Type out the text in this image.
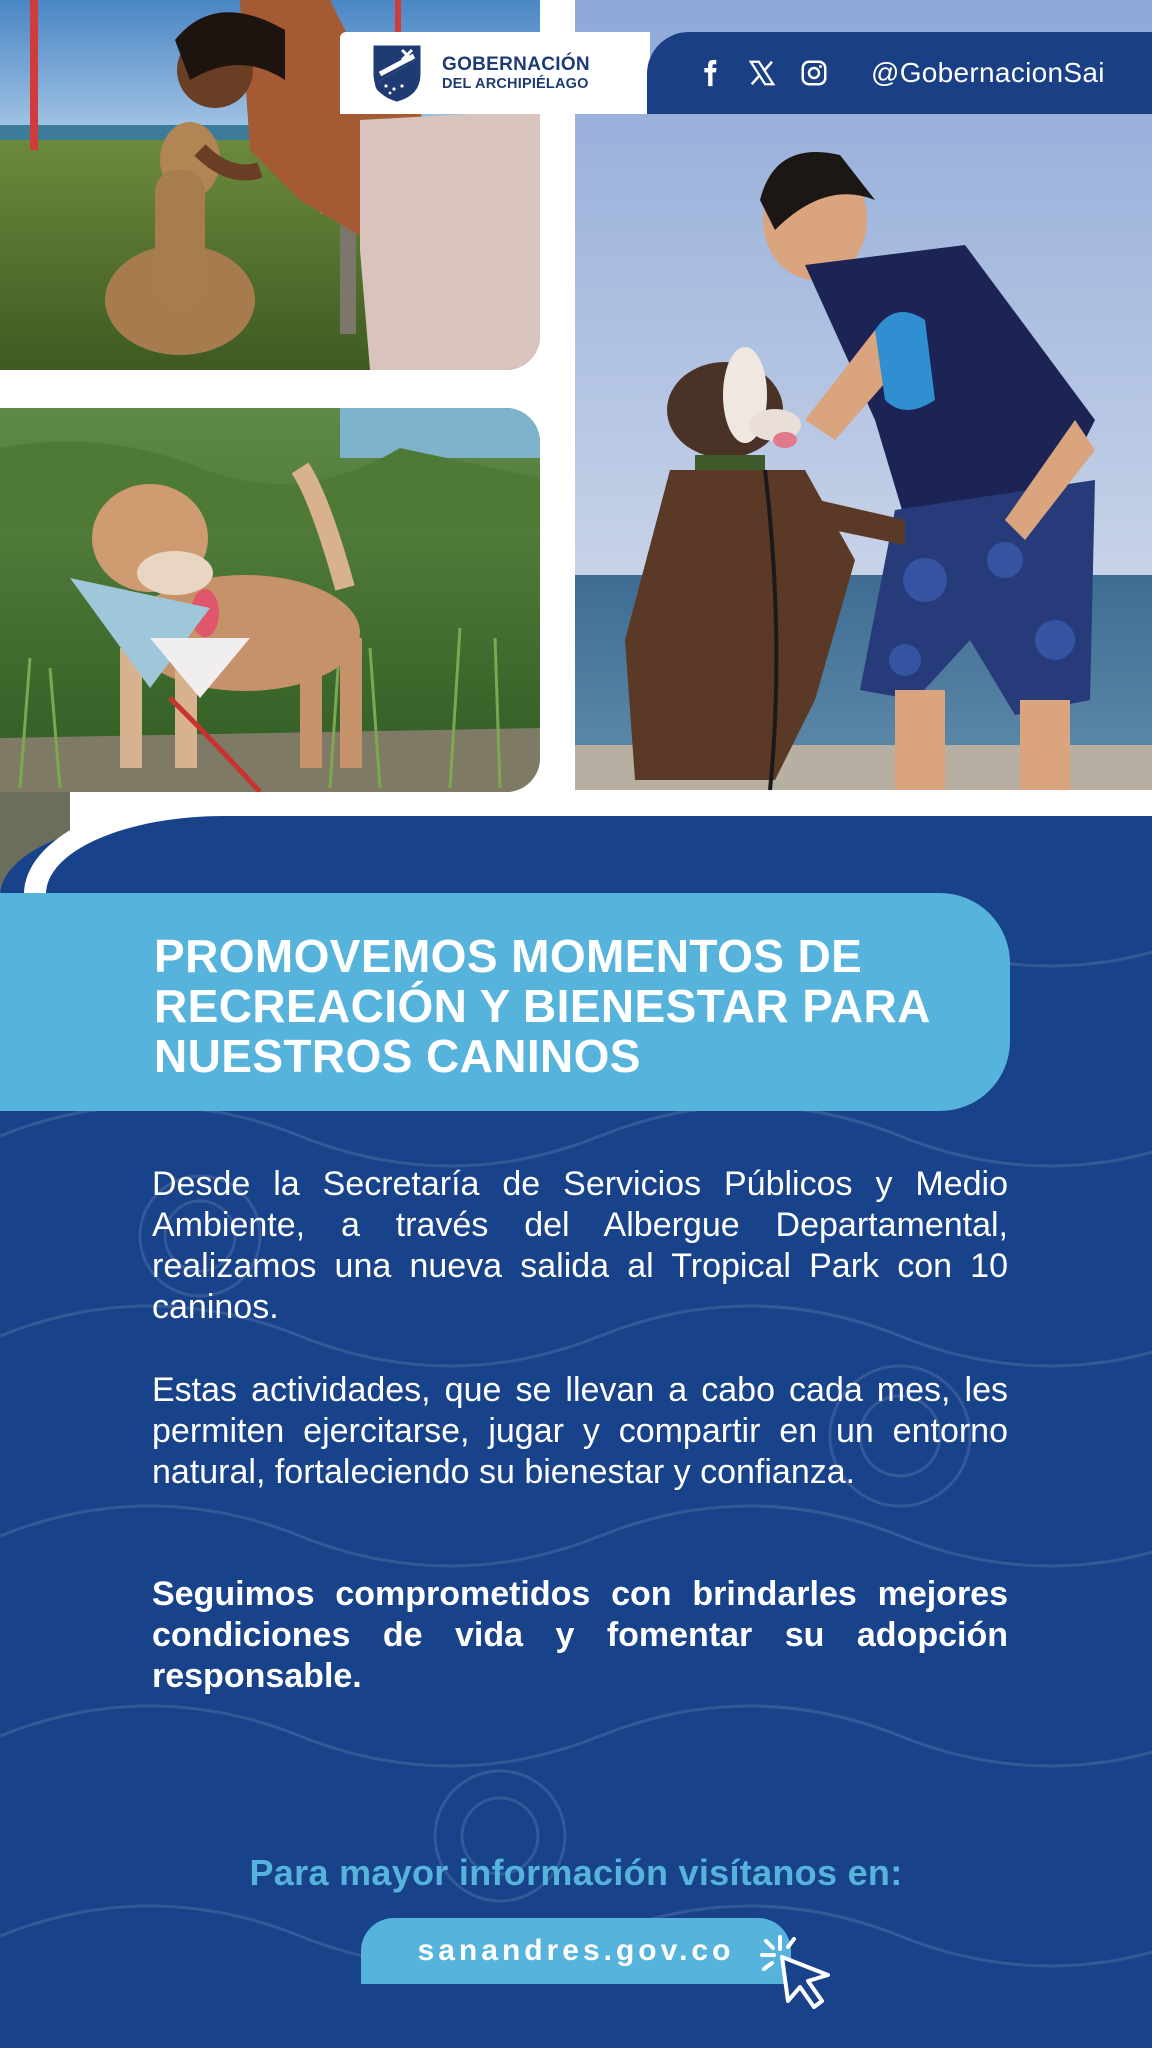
GOBERNACIÓN
DEL ARCHIPIÉLAGO	@GobernacionSai
PROMOVEMOS MOMENTOS DE
RECREACIÓN Y BIENESTAR PARA
NUESTROS CANINOS

Desde la Secretaría de Servicios Públicos y Medio Ambiente, a través del Albergue Departamental, realizamos una nueva salida al Tropical Park con 10 caninos.

Estas actividades, que se llevan a cabo cada mes, les permiten ejercitarse, jugar y compartir en un entorno natural, fortaleciendo su bienestar y confianza.

Seguimos comprometidos con brindarles mejores condiciones de vida y fomentar su adopción responsable.

Para mayor información visítanos en:
sanandres.gov.co
